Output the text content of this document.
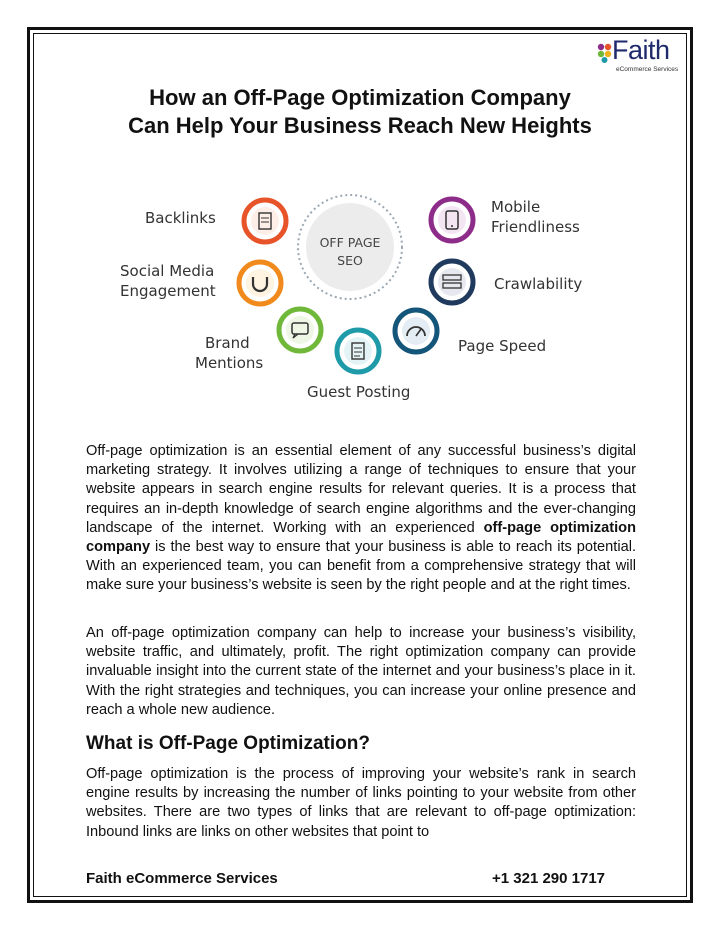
Faith
eCommerce Services
How an Off-Page Optimization Company
Can Help Your Business Reach New Heights
OFF PAGE
SEO
Backlinks
Social Media
Engagement
Brand
Mentions
Guest Posting
Page Speed
Crawlability
Mobile
Friendliness

Off-page optimization is an essential element of any successful business’s digital marketing strategy. It involves utilizing a range of techniques to ensure that your website appears in search engine results for relevant queries. It is a process that requires an in-depth knowledge of search engine algorithms and the ever-changing landscape of the internet. Working with an experienced off-page optimization company is the best way to ensure that your business is able to reach its potential. With an experienced team, you can benefit from a comprehensive strategy that will make sure your business’s website is seen by the right people and at the right times.

An off-page optimization company can help to increase your business’s visibility, website traffic, and ultimately, profit. The right optimization company can provide invaluable insight into the current state of the internet and your business’s place in it. With the right strategies and techniques, you can increase your online presence and reach a whole new audience.

What is Off-Page Optimization?

Off-page optimization is the process of improving your website’s rank in search engine results by increasing the number of links pointing to your website from other websites. There are two types of links that are relevant to off-page optimization: Inbound links are links on other websites that point to

Faith eCommerce Services	+1 321 290 1717
